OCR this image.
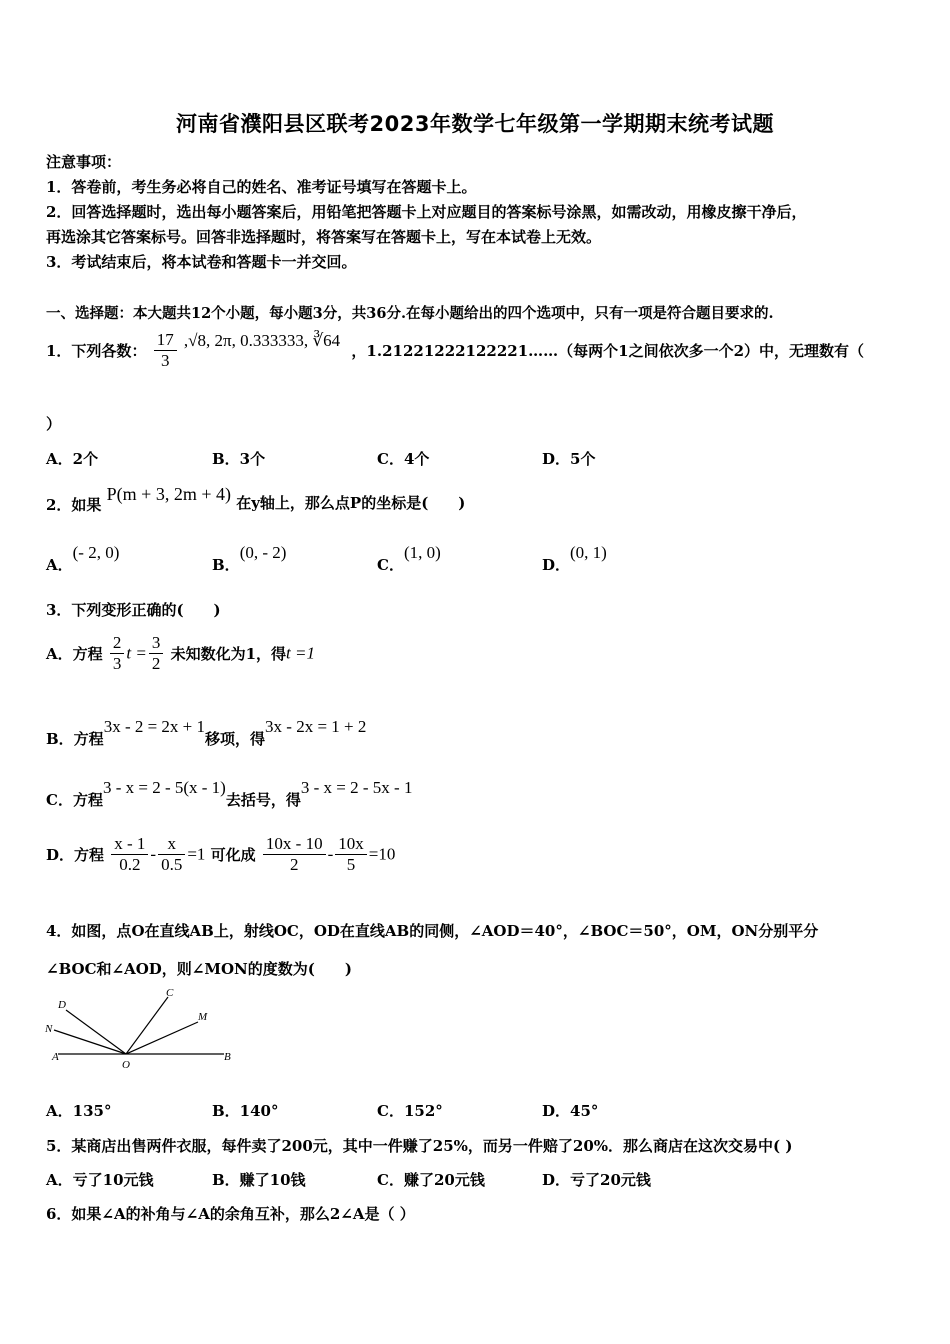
河南省濮阳县区联考2023年数学七年级第一学期期末统考试题
注意事项：
1．答卷前，考生务必将自己的姓名、准考证号填写在答题卡上。
2．回答选择题时，选出每小题答案后，用铅笔把答题卡上对应题目的答案标号涂黑，如需改动，用橡皮擦干净后，
再选涂其它答案标号。回答非选择题时，将答案写在答题卡上，写在本试卷上无效。
3．考试结束后，将本试卷和答题卡一并交回。
一、选择题：本大题共12个小题，每小题3分，共36分.在每小题给出的四个选项中，只有一项是符合题目要求的.
1．下列各数： $\frac{17}{3} ,√8$, 2π, 0.333333, ∛64 ，1.21221222122221……（每两个1之间依次多一个2）中，无理数有（
）
A．2个	B．3个	C．4个	D．5个
2．如果 P(m + 3, 2m + 4) 在y轴上，那么点P的坐标是(　　)
A．(- 2, 0)
B．(0, - 2)
C．(1, 0)
D．(0, 1)
3．下列变形正确的(　　)
A．方程 $\frac{2}{3}$ $t = \frac{3}{2}$ 未知数化为1，得t =1
B．方程3x - 2 = 2x + 1移项，得3x - 2x = 1 + 2
C．方程3 - x = 2 - 5(x - 1)去括号，得3 - x = 2 - 5x - 1
D．方程 $\frac{x - 1}{0.2} - \frac{x}{0.5} =1$ 可化成 $\frac{10x - 10}{2} - \frac{10x}{5} =10$
4．如图，点O在直线AB上，射线OC，OD在直线AB的同侧，∠AOD＝40°，∠BOC＝50°，OM，ON分别平分
∠BOC和∠AOD，则∠MON的度数为(　　)
D
C
N
M
A
O
B
A．135°	B．140°	C．152°	D．45°
5．某商店出售两件衣服，每件卖了200元，其中一件赚了25%，而另一件赔了20%．那么商店在这次交易中( )
A．亏了10元钱	B．赚了10钱	C．赚了20元钱	D．亏了20元钱
6．如果∠A的补角与∠A的余角互补，那么2∠A是（ ）
